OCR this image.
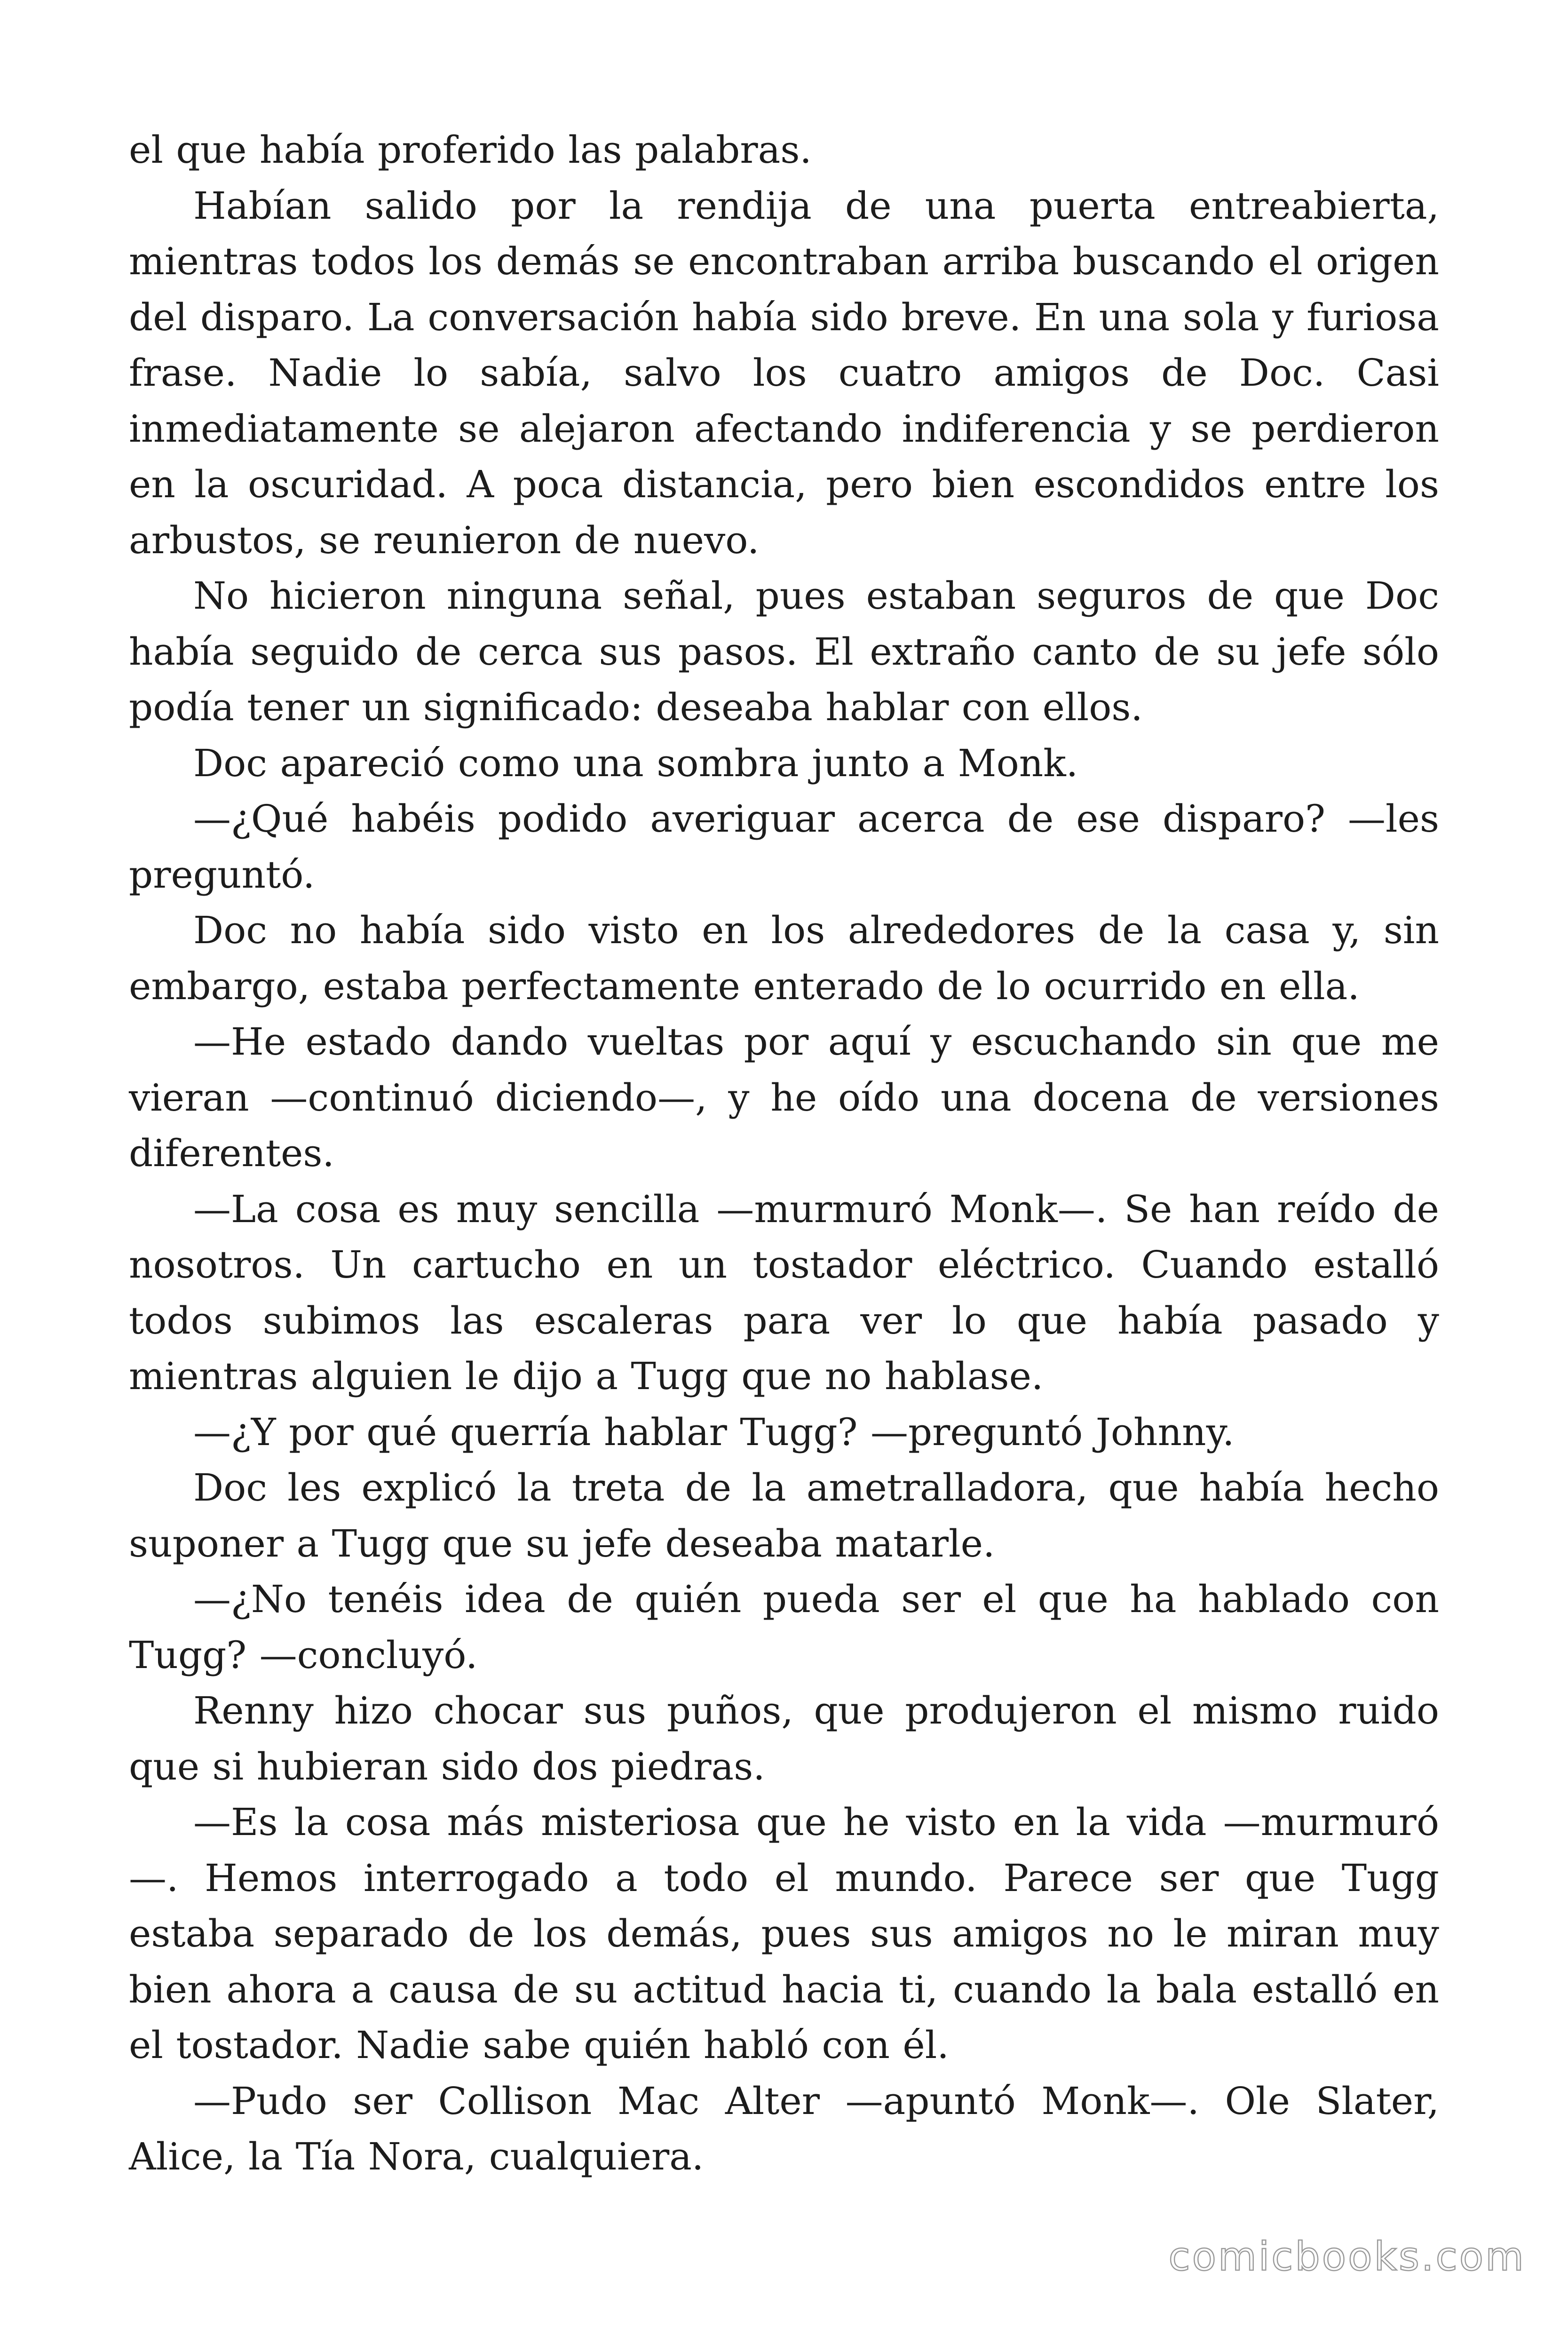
el que había proferido las palabras.

Habían salido por la rendija de una puerta entreabierta, mientras todos los demás se encontraban arriba buscando el origen del disparo. La conversación había sido breve. En una sola y furiosa frase. Nadie lo sabía, salvo los cuatro amigos de Doc. Casi inmediatamente se alejaron afectando indiferencia y se perdieron en la oscuridad. A poca distancia, pero bien escondidos entre los arbustos, se reunieron de nuevo.

No hicieron ninguna señal, pues estaban seguros de que Doc había seguido de cerca sus pasos. El extraño canto de su jefe sólo podía tener un significado: deseaba hablar con ellos.

Doc apareció como una sombra junto a Monk.

—¿Qué habéis podido averiguar acerca de ese disparo? —les preguntó.

Doc no había sido visto en los alrededores de la casa y, sin embargo, estaba perfectamente enterado de lo ocurrido en ella.

—He estado dando vueltas por aquí y escuchando sin que me vieran —continuó diciendo—, y he oído una docena de versiones diferentes.

—La cosa es muy sencilla —murmuró Monk—. Se han reído de nosotros. Un cartucho en un tostador eléctrico. Cuando estalló todos subimos las escaleras para ver lo que había pasado y mientras alguien le dijo a Tugg que no hablase.

—¿Y por qué querría hablar Tugg? —preguntó Johnny.

Doc les explicó la treta de la ametralladora, que había hecho suponer a Tugg que su jefe deseaba matarle.

—¿No tenéis idea de quién pueda ser el que ha hablado con Tugg? —concluyó.

Renny hizo chocar sus puños, que produjeron el mismo ruido que si hubieran sido dos piedras.

—Es la cosa más misteriosa que he visto en la vida —murmuró —. Hemos interrogado a todo el mundo. Parece ser que Tugg estaba separado de los demás, pues sus amigos no le miran muy bien ahora a causa de su actitud hacia ti, cuando la bala estalló en el tostador. Nadie sabe quién habló con él.

—Pudo ser Collison Mac Alter —apuntó Monk—. Ole Slater, Alice, la Tía Nora, cualquiera.

comicbooks.com
